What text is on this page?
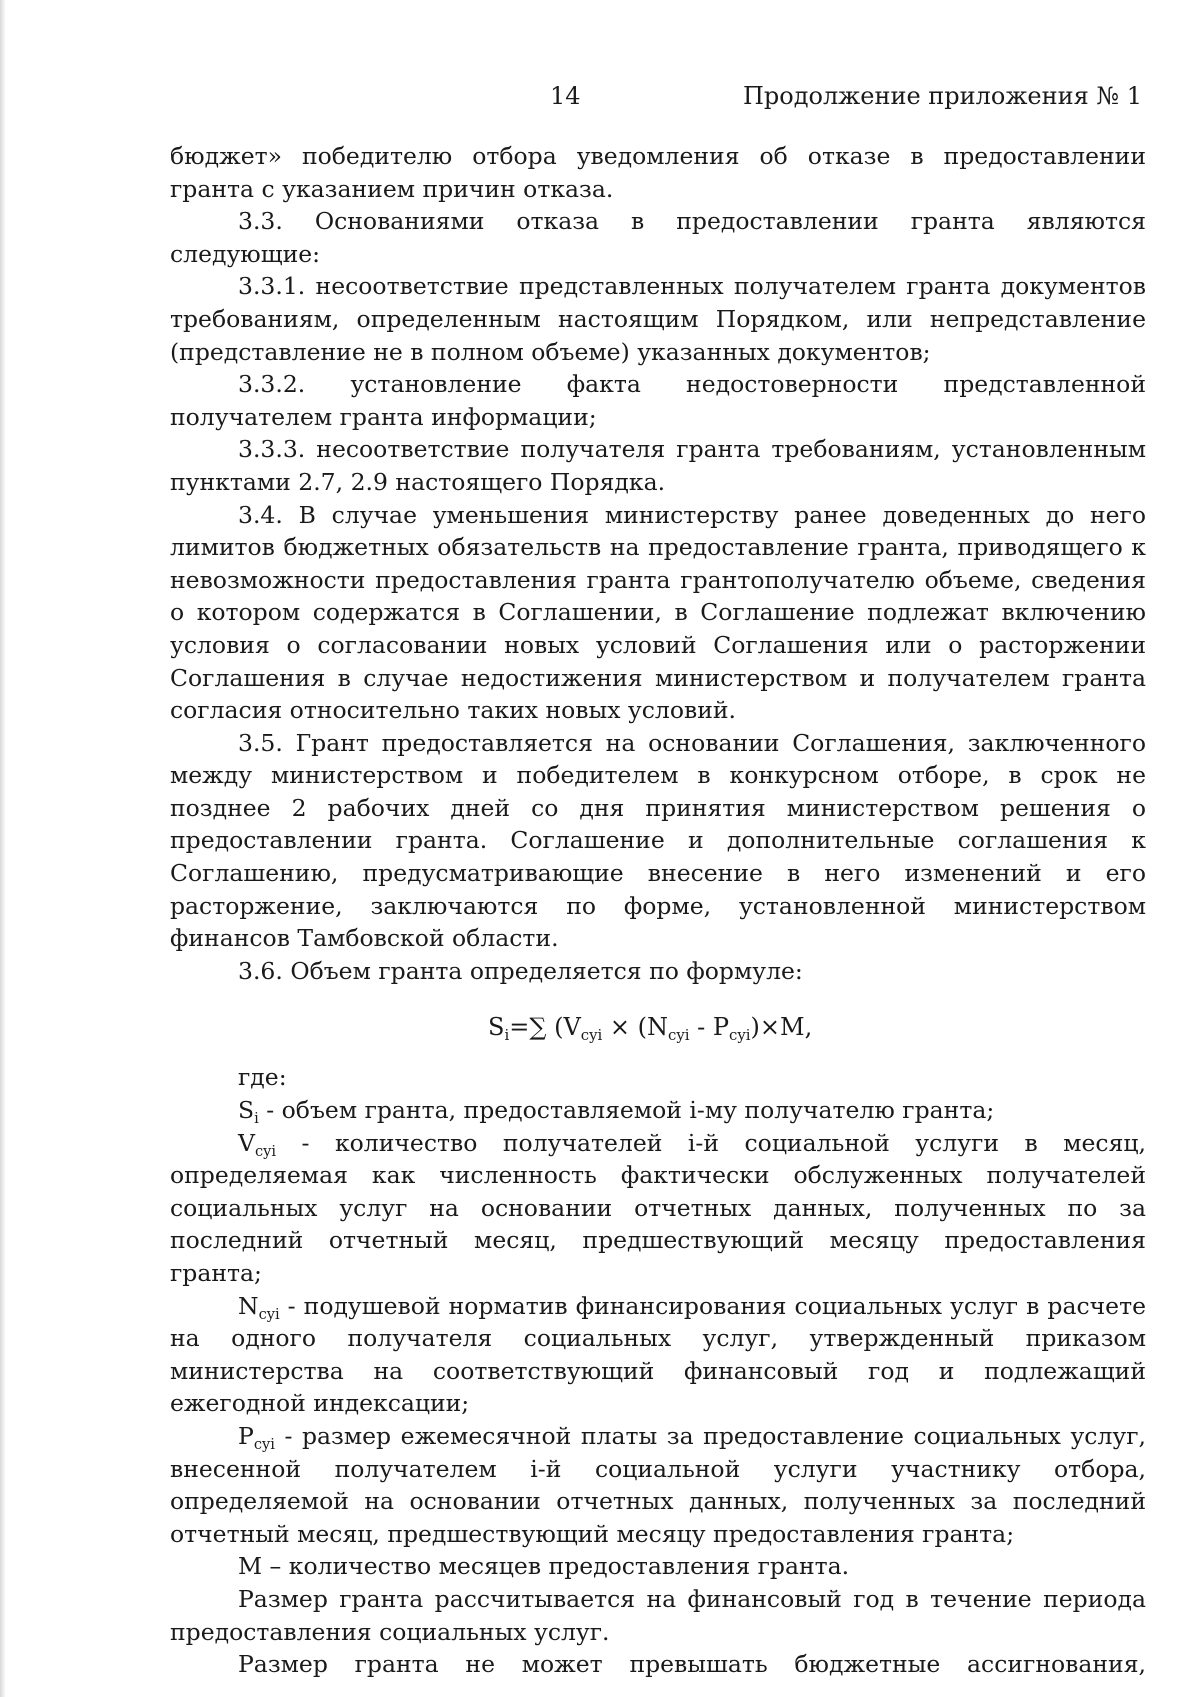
14	Продолжение приложения № 1

бюджет» победителю отбора уведомления об отказе в предоставлении гранта с указанием причин отказа.

3.3. Основаниями отказа в предоставлении гранта являются следующие:

3.3.1. несоответствие представленных получателем гранта документов требованиям, определенным настоящим Порядком, или непредставление (представление не в полном объеме) указанных документов;

3.3.2. установление факта недостоверности представленной получателем гранта информации;

3.3.3. несоответствие получателя гранта требованиям, установленным пунктами 2.7, 2.9 настоящего Порядка.

3.4. В случае уменьшения министерству ранее доведенных до него лимитов бюджетных обязательств на предоставление гранта, приводящего к невозможности предоставления гранта грантополучателю объеме, сведения о котором содержатся в Соглашении, в Соглашение подлежат включению условия о согласовании новых условий Соглашения или о расторжении Соглашения в случае недостижения министерством и получателем гранта согласия относительно таких новых условий.

3.5. Грант предоставляется на основании Соглашения, заключенного между министерством и победителем в конкурсном отборе, в срок не позднее 2 рабочих дней со дня принятия министерством решения о предоставлении гранта. Соглашение и дополнительные соглашения к Соглашению, предусматривающие внесение в него изменений и его расторжение, заключаются по форме, установленной министерством финансов Тамбовской области.

3.6. Объем гранта определяется по формуле:

$S_i=\sum$ ($V_{cyi} \times (N_{cyi} - P_{cyi})\times M$,

где:

$S_i$ - объем гранта, предоставляемой i-му получателю гранта;

$V_{cyi}$ - количество получателей i-й социальной услуги в месяц, определяемая как численность фактически обслуженных получателей социальных услуг на основании отчетных данных, полученных по за последний отчетный месяц, предшествующий месяцу предоставления гранта;

$N_{cyi}$ - подушевой норматив финансирования социальных услуг в расчете на одного получателя социальных услуг, утвержденный приказом министерства на соответствующий финансовый год и подлежащий ежегодной индексации;

$P_{cyi}$ - размер ежемесячной платы за предоставление социальных услуг, внесенной получателем i-й социальной услуги участнику отбора, определяемой на основании отчетных данных, полученных за последний отчетный месяц, предшествующий месяцу предоставления гранта;

М – количество месяцев предоставления гранта.

Размер гранта рассчитывается на финансовый год в течение периода предоставления социальных услуг.

Размер гранта не может превышать бюджетные ассигнования,
